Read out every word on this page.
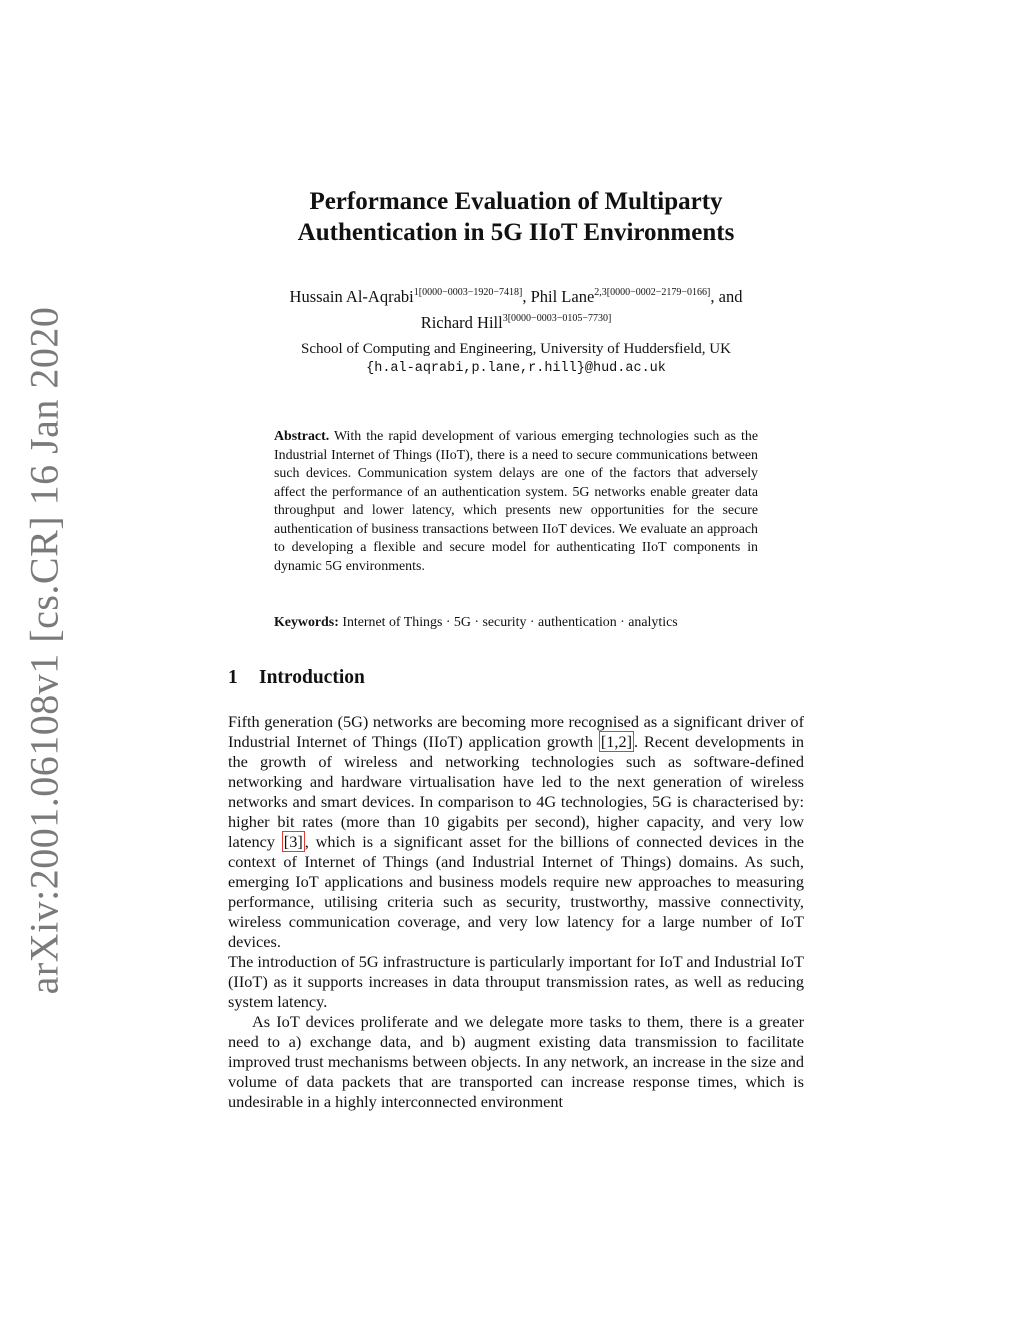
arXiv:2001.06108v1 [cs.CR] 16 Jan 2020
Performance Evaluation of Multiparty
Authentication in 5G IIoT Environments
Hussain Al-Aqrabi$^{1[0000-0003-1920-7418]}$, Phil Lane$^{2,3[0000-0002-2179-0166]}$, and
Richard Hill$^{3[0000-0003-0105-7730]}$
School of Computing and Engineering, University of Huddersfield, UK
{h.al-aqrabi,p.lane,r.hill}@hud.ac.uk
Abstract. With the rapid development of various emerging technologies such as the Industrial Internet of Things (IIoT), there is a need to secure communications between such devices. Communication system delays are one of the factors that adversely affect the performance of an authentication system. 5G networks enable greater data throughput and lower latency, which presents new opportunities for the secure authentication of business transactions between IIoT devices. We evaluate an approach to developing a flexible and secure model for authenticating IIoT components in dynamic 5G environments.
Keywords: Internet of Things · 5G · security · authentication · analytics
1 Introduction

Fifth generation (5G) networks are becoming more recognised as a significant driver of Industrial Internet of Things (IIoT) application growth [1,2] . Recent developments in the growth of wireless and networking technologies such as software-defined networking and hardware virtualisation have led to the next generation of wireless networks and smart devices. In comparison to 4G technologies, 5G is characterised by: higher bit rates (more than 10 gigabits per second), higher capacity, and very low latency [3] , which is a significant asset for the billions of connected devices in the context of Internet of Things (and Industrial Internet of Things) domains. As such, emerging IoT applications and business models require new approaches to measuring performance, utilising criteria such as security, trustworthy, massive connectivity, wireless communication coverage, and very low latency for a large number of IoT devices.

The introduction of 5G infrastructure is particularly important for IoT and Industrial IoT (IIoT) as it supports increases in data throuput transmission rates, as well as reducing system latency.

As IoT devices proliferate and we delegate more tasks to them, there is a greater need to a) exchange data, and b) augment existing data transmission to facilitate improved trust mechanisms between objects. In any network, an increase in the size and volume of data packets that are transported can increase response times, which is undesirable in a highly interconnected environment
